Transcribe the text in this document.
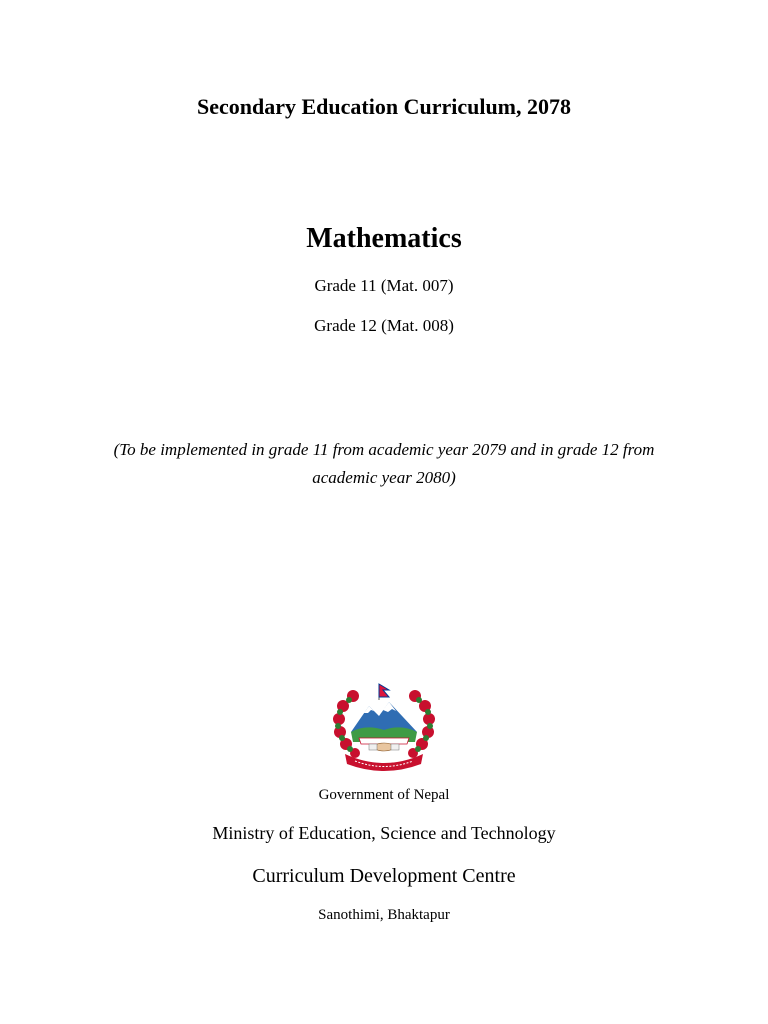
Secondary Education Curriculum, 2078
Mathematics
Grade 11 (Mat. 007)
Grade 12 (Mat. 008)
(To be implemented in grade 11 from academic year 2079 and in grade 12 from academic year 2080)
Government of Nepal
Ministry of Education, Science and Technology
Curriculum Development Centre
Sanothimi, Bhaktapur
